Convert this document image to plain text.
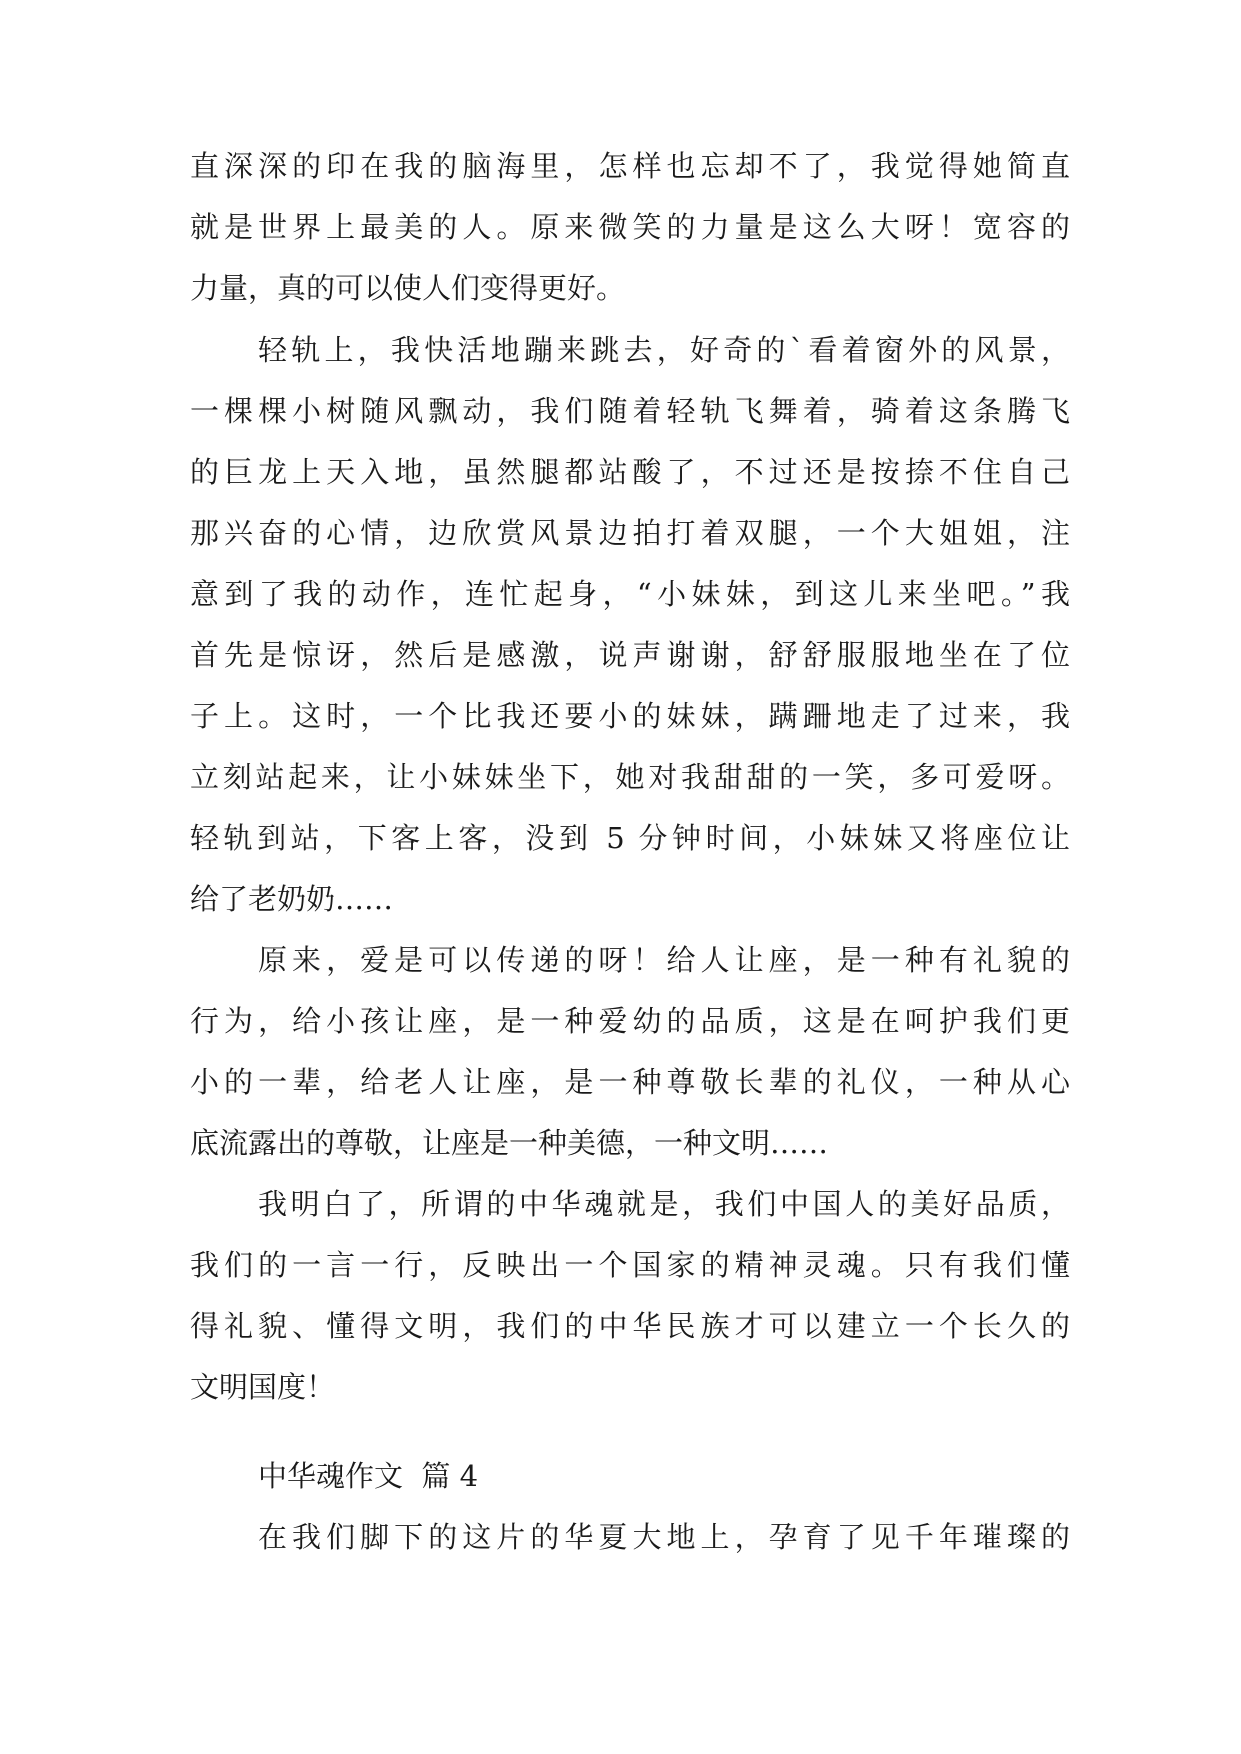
直深深的印在我的脑海里，怎样也忘却不了，我觉得她简直
就是世界上最美的人。原来微笑的力量是这么大呀！宽容的
力量，真的可以使人们变得更好。
轻轨上，我快活地蹦来跳去，好奇的`看着窗外的风景，
一棵棵小树随风飘动，我们随着轻轨飞舞着，骑着这条腾飞
的巨龙上天入地，虽然腿都站酸了，不过还是按捺不住自己
那兴奋的心情，边欣赏风景边拍打着双腿，一个大姐姐，注
意到了我的动作，连忙起身，“小妹妹，到这儿来坐吧。”我
首先是惊讶，然后是感激，说声谢谢，舒舒服服地坐在了位
子上。这时，一个比我还要小的妹妹，蹒跚地走了过来，我
立刻站起来，让小妹妹坐下，她对我甜甜的一笑，多可爱呀。
轻轨到站，下客上客，没到 5 分钟时间，小妹妹又将座位让
给了老奶奶……
原来，爱是可以传递的呀！给人让座，是一种有礼貌的
行为，给小孩让座，是一种爱幼的品质，这是在呵护我们更
小的一辈，给老人让座，是一种尊敬长辈的礼仪，一种从心
底流露出的尊敬，让座是一种美德，一种文明……
我明白了，所谓的中华魂就是，我们中国人的美好品质，
我们的一言一行，反映出一个国家的精神灵魂。只有我们懂
得礼貌、懂得文明，我们的中华民族才可以建立一个长久的
文明国度！
中华魂作文  篇 4
在我们脚下的这片的华夏大地上，孕育了见千年璀璨的
